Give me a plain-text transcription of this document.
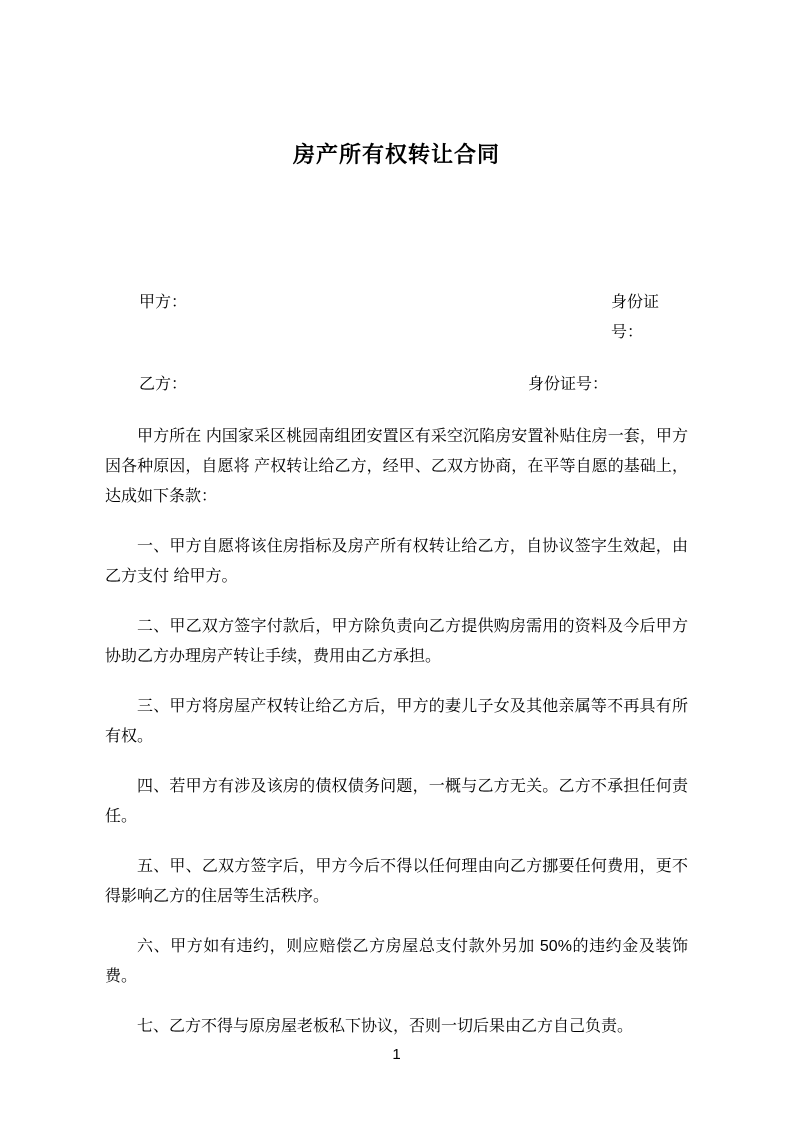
房产所有权转让合同
甲方：	身份证号：
乙方：	身份证号：

甲方所在 内国家采区桃园南组团安置区有采空沉陷房安置补贴住房一套，甲方因各种原因，自愿将 产权转让给乙方，经甲、乙双方协商，在平等自愿的基础上，达成如下条款：

一、甲方自愿将该住房指标及房产所有权转让给乙方，自协议签字生效起，由乙方支付 给甲方。

二、甲乙双方签字付款后，甲方除负责向乙方提供购房需用的资料及今后甲方协助乙方办理房产转让手续，费用由乙方承担。

三、甲方将房屋产权转让给乙方后，甲方的妻儿子女及其他亲属等不再具有所有权。

四、若甲方有涉及该房的债权债务问题，一概与乙方无关。乙方不承担任何责任。

五、甲、乙双方签字后，甲方今后不得以任何理由向乙方挪要任何费用，更不得影响乙方的住居等生活秩序。

六、甲方如有违约，则应赔偿乙方房屋总支付款外另加 50%的违约金及装饰费。

七、乙方不得与原房屋老板私下协议，否则一切后果由乙方自己负责。

1
